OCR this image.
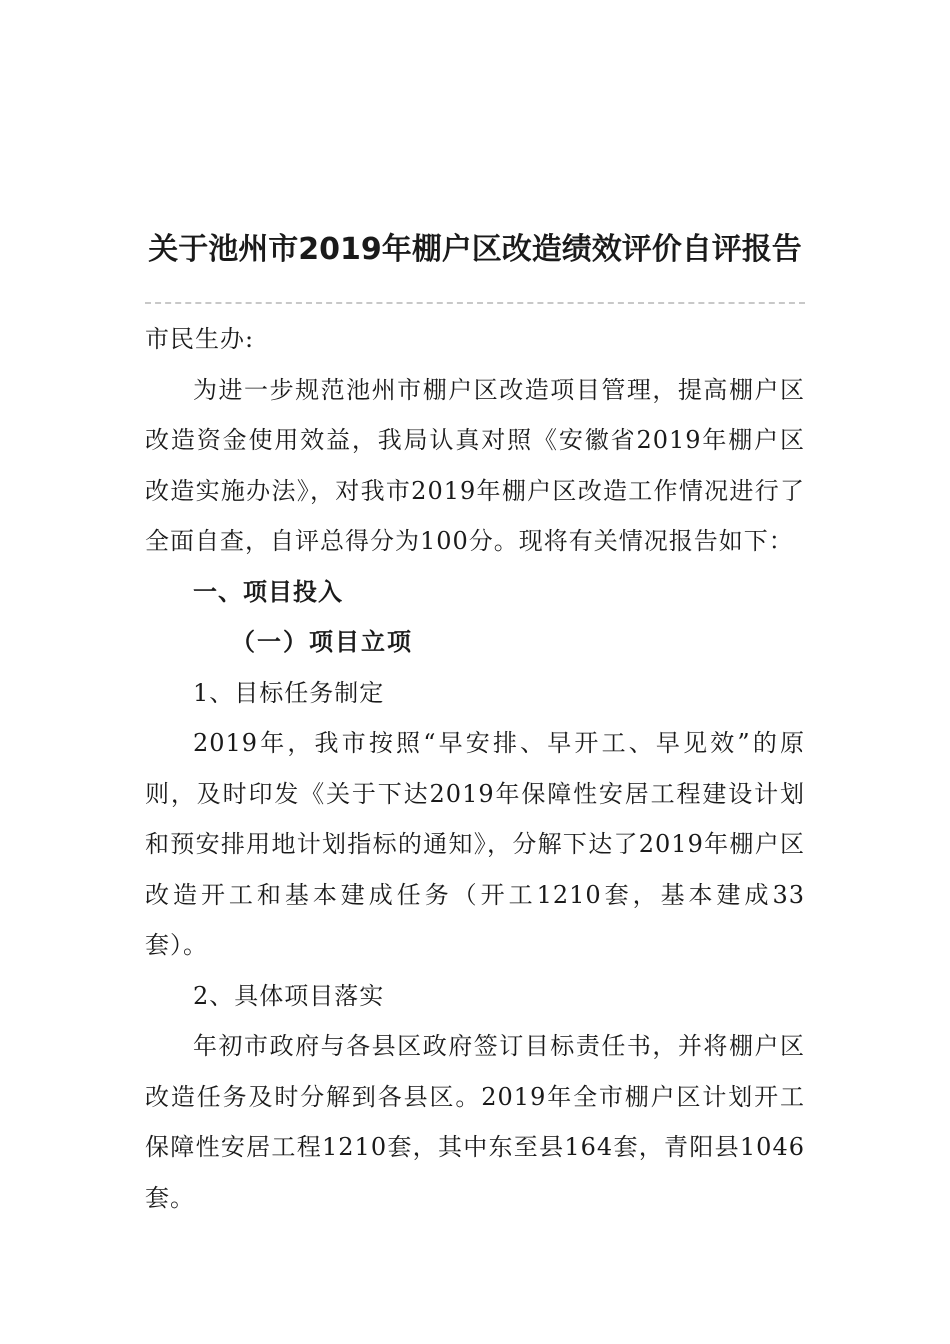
关于池州市2019年棚户区改造绩效评价自评报告

市民生办:

为进一步规范池州市棚户区改造项目管理，提高棚户区改造资金使用效益，我局认真对照《安徽省2019年棚户区改造实施办法》，对我市2019年棚户区改造工作情况进行了全面自查，自评总得分为100分。现将有关情况报告如下：

一、项目投入

（一）项目立项

1、目标任务制定

2019年，我市按照“早安排、早开工、早见效”的原则，及时印发《关于下达2019年保障性安居工程建设计划和预安排用地计划指标的通知》，分解下达了2019年棚户区改造开工和基本建成任务（开工1210套，基本建成33套）。

2、具体项目落实

年初市政府与各县区政府签订目标责任书，并将棚户区改造任务及时分解到各县区。2019年全市棚户区计划开工保障性安居工程1210套，其中东至县164套，青阳县1046套。
